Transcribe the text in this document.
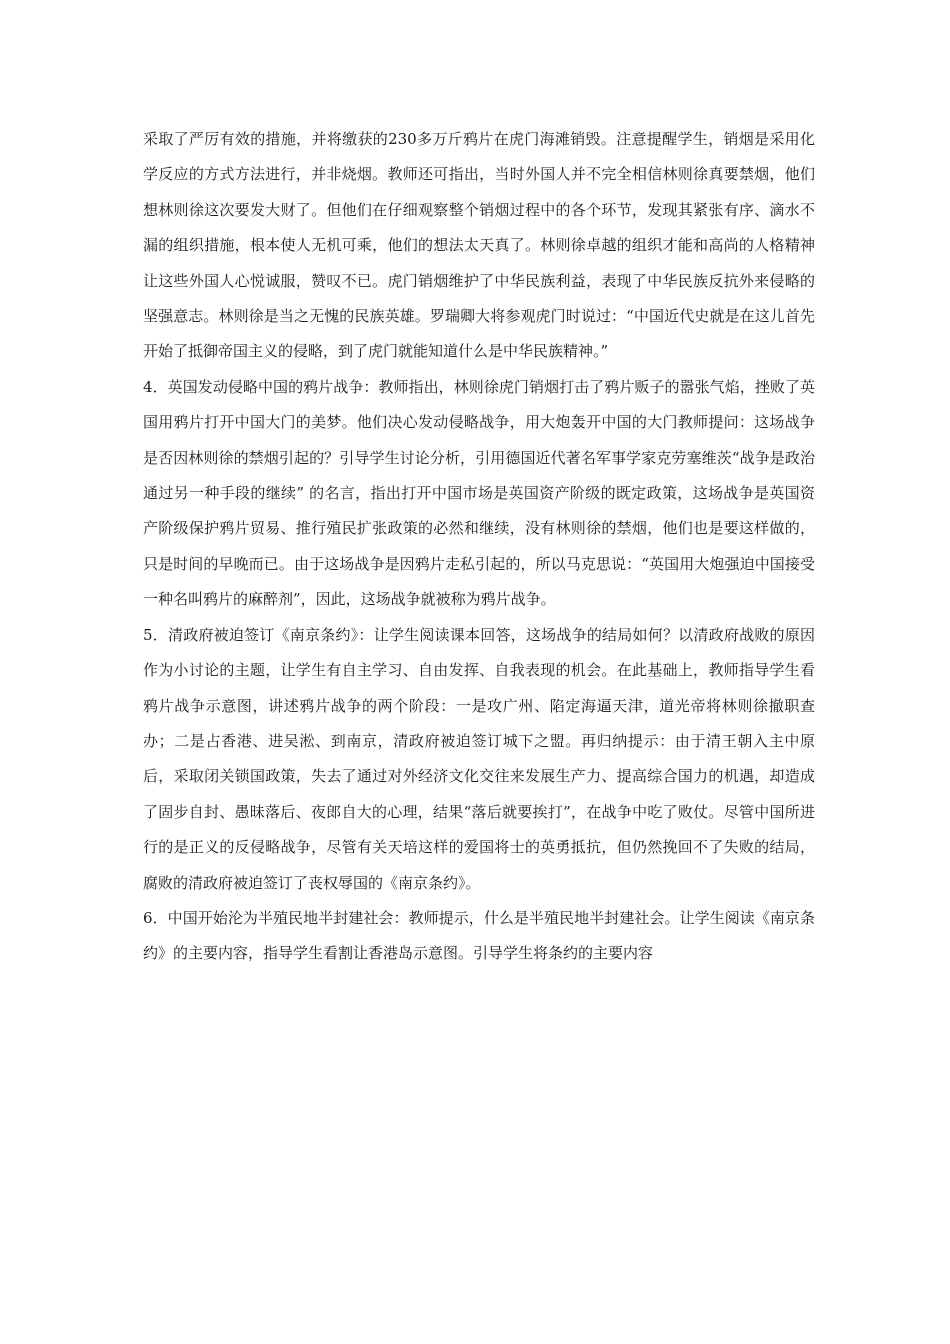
采取了严厉有效的措施，并将缴获的230多万斤鸦片在虎门海滩销毁。注意提醒学生，销烟是采用化学反应的方式方法进行，并非烧烟。教师还可指出，当时外国人并不完全相信林则徐真要禁烟，他们想林则徐这次要发大财了。但他们在仔细观察整个销烟过程中的各个环节，发现其紧张有序、滴水不漏的组织措施，根本使人无机可乘，他们的想法太天真了。林则徐卓越的组织才能和高尚的人格精神让这些外国人心悦诚服，赞叹不已。虎门销烟维护了中华民族利益，表现了中华民族反抗外来侵略的坚强意志。林则徐是当之无愧的民族英雄。罗瑞卿大将参观虎门时说过：“中国近代史就是在这儿首先开始了抵御帝国主义的侵略，到了虎门就能知道什么是中华民族精神。”

4．英国发动侵略中国的鸦片战争：教师指出，林则徐虎门销烟打击了鸦片贩子的嚣张气焰，挫败了英国用鸦片打开中国大门的美梦。他们决心发动侵略战争，用大炮轰开中国的大门教师提问：这场战争是否因林则徐的禁烟引起的？引导学生讨论分析，引用德国近代著名军事学家克劳塞维茨“战争是政治通过另一种手段的继续” 的名言，指出打开中国市场是英国资产阶级的既定政策，这场战争是英国资产阶级保护鸦片贸易、推行殖民扩张政策的必然和继续，没有林则徐的禁烟，他们也是要这样做的，只是时间的早晚而已。由于这场战争是因鸦片走私引起的，所以马克思说：“英国用大炮强迫中国接受一种名叫鸦片的麻醉剂”，因此，这场战争就被称为鸦片战争。

5．清政府被迫签订《南京条约》：让学生阅读课本回答，这场战争的结局如何？以清政府战败的原因作为小讨论的主题，让学生有自主学习、自由发挥、自我表现的机会。在此基础上，教师指导学生看鸦片战争示意图，讲述鸦片战争的两个阶段：一是攻广州、陷定海逼天津，道光帝将林则徐撤职查办；二是占香港、进吴淞、到南京，清政府被迫签订城下之盟。再归纳提示：由于清王朝入主中原后，采取闭关锁国政策，失去了通过对外经济文化交往来发展生产力、提高综合国力的机遇，却造成了固步自封、愚昧落后、夜郎自大的心理，结果“落后就要挨打”，在战争中吃了败仗。尽管中国所进行的是正义的反侵略战争，尽管有关天培这样的爱国将士的英勇抵抗，但仍然挽回不了失败的结局，腐败的清政府被迫签订了丧权辱国的《南京条约》。

6．中国开始沦为半殖民地半封建社会：教师提示，什么是半殖民地半封建社会。让学生阅读《南京条约》的主要内容，指导学生看割让香港岛示意图。引导学生将条约的主要内容
